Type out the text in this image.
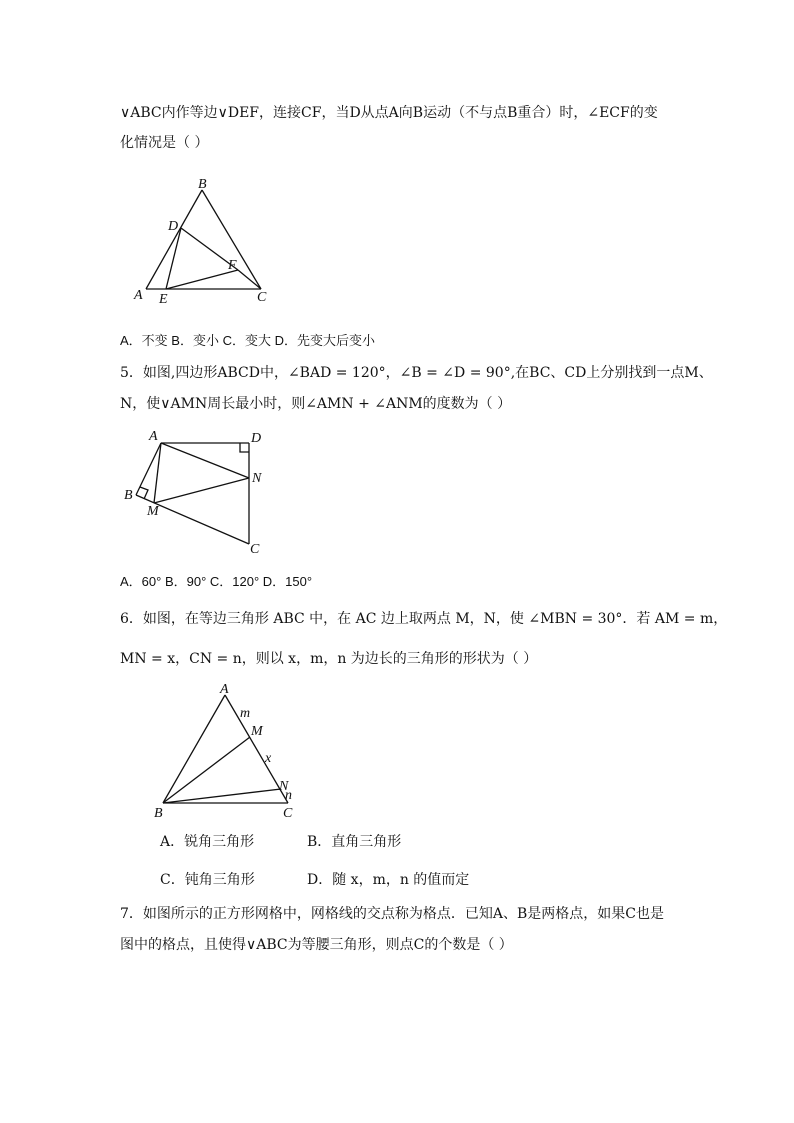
∨ABC内作等边∨DEF，连接CF，当D从点A向B运动（不与点B重合）时，∠ECF的变
化情况是（ ）
B
D
F
A E	C
A．不变 B．变小 C．变大 D．先变大后变小
5．如图,四边形ABCD中，∠BAD = 120°，∠B = ∠D = 90°,在BC、CD上分别找到一点M、
N，使∨AMN周长最小时，则∠AMN + ∠ANM的度数为（ ）
A	D
N
B
M
C
A．60° B．90° C．120° D．150°
6．如图，在等边三角形 ABC 中，在 AC 边上取两点 M，N，使 ∠MBN = 30°．若 AM = m，
MN = x，CN = n，则以 x，m，n 为边长的三角形的形状为（ ）
A
m
M
x
N
n
B	C
A．锐角三角形	B．直角三角形
C．钝角三角形	D．随 x，m，n 的值而定
7．如图所示的正方形网格中，网格线的交点称为格点．已知A、B是两格点，如果C也是
图中的格点，且使得∨ABC为等腰三角形，则点C的个数是（ ）
